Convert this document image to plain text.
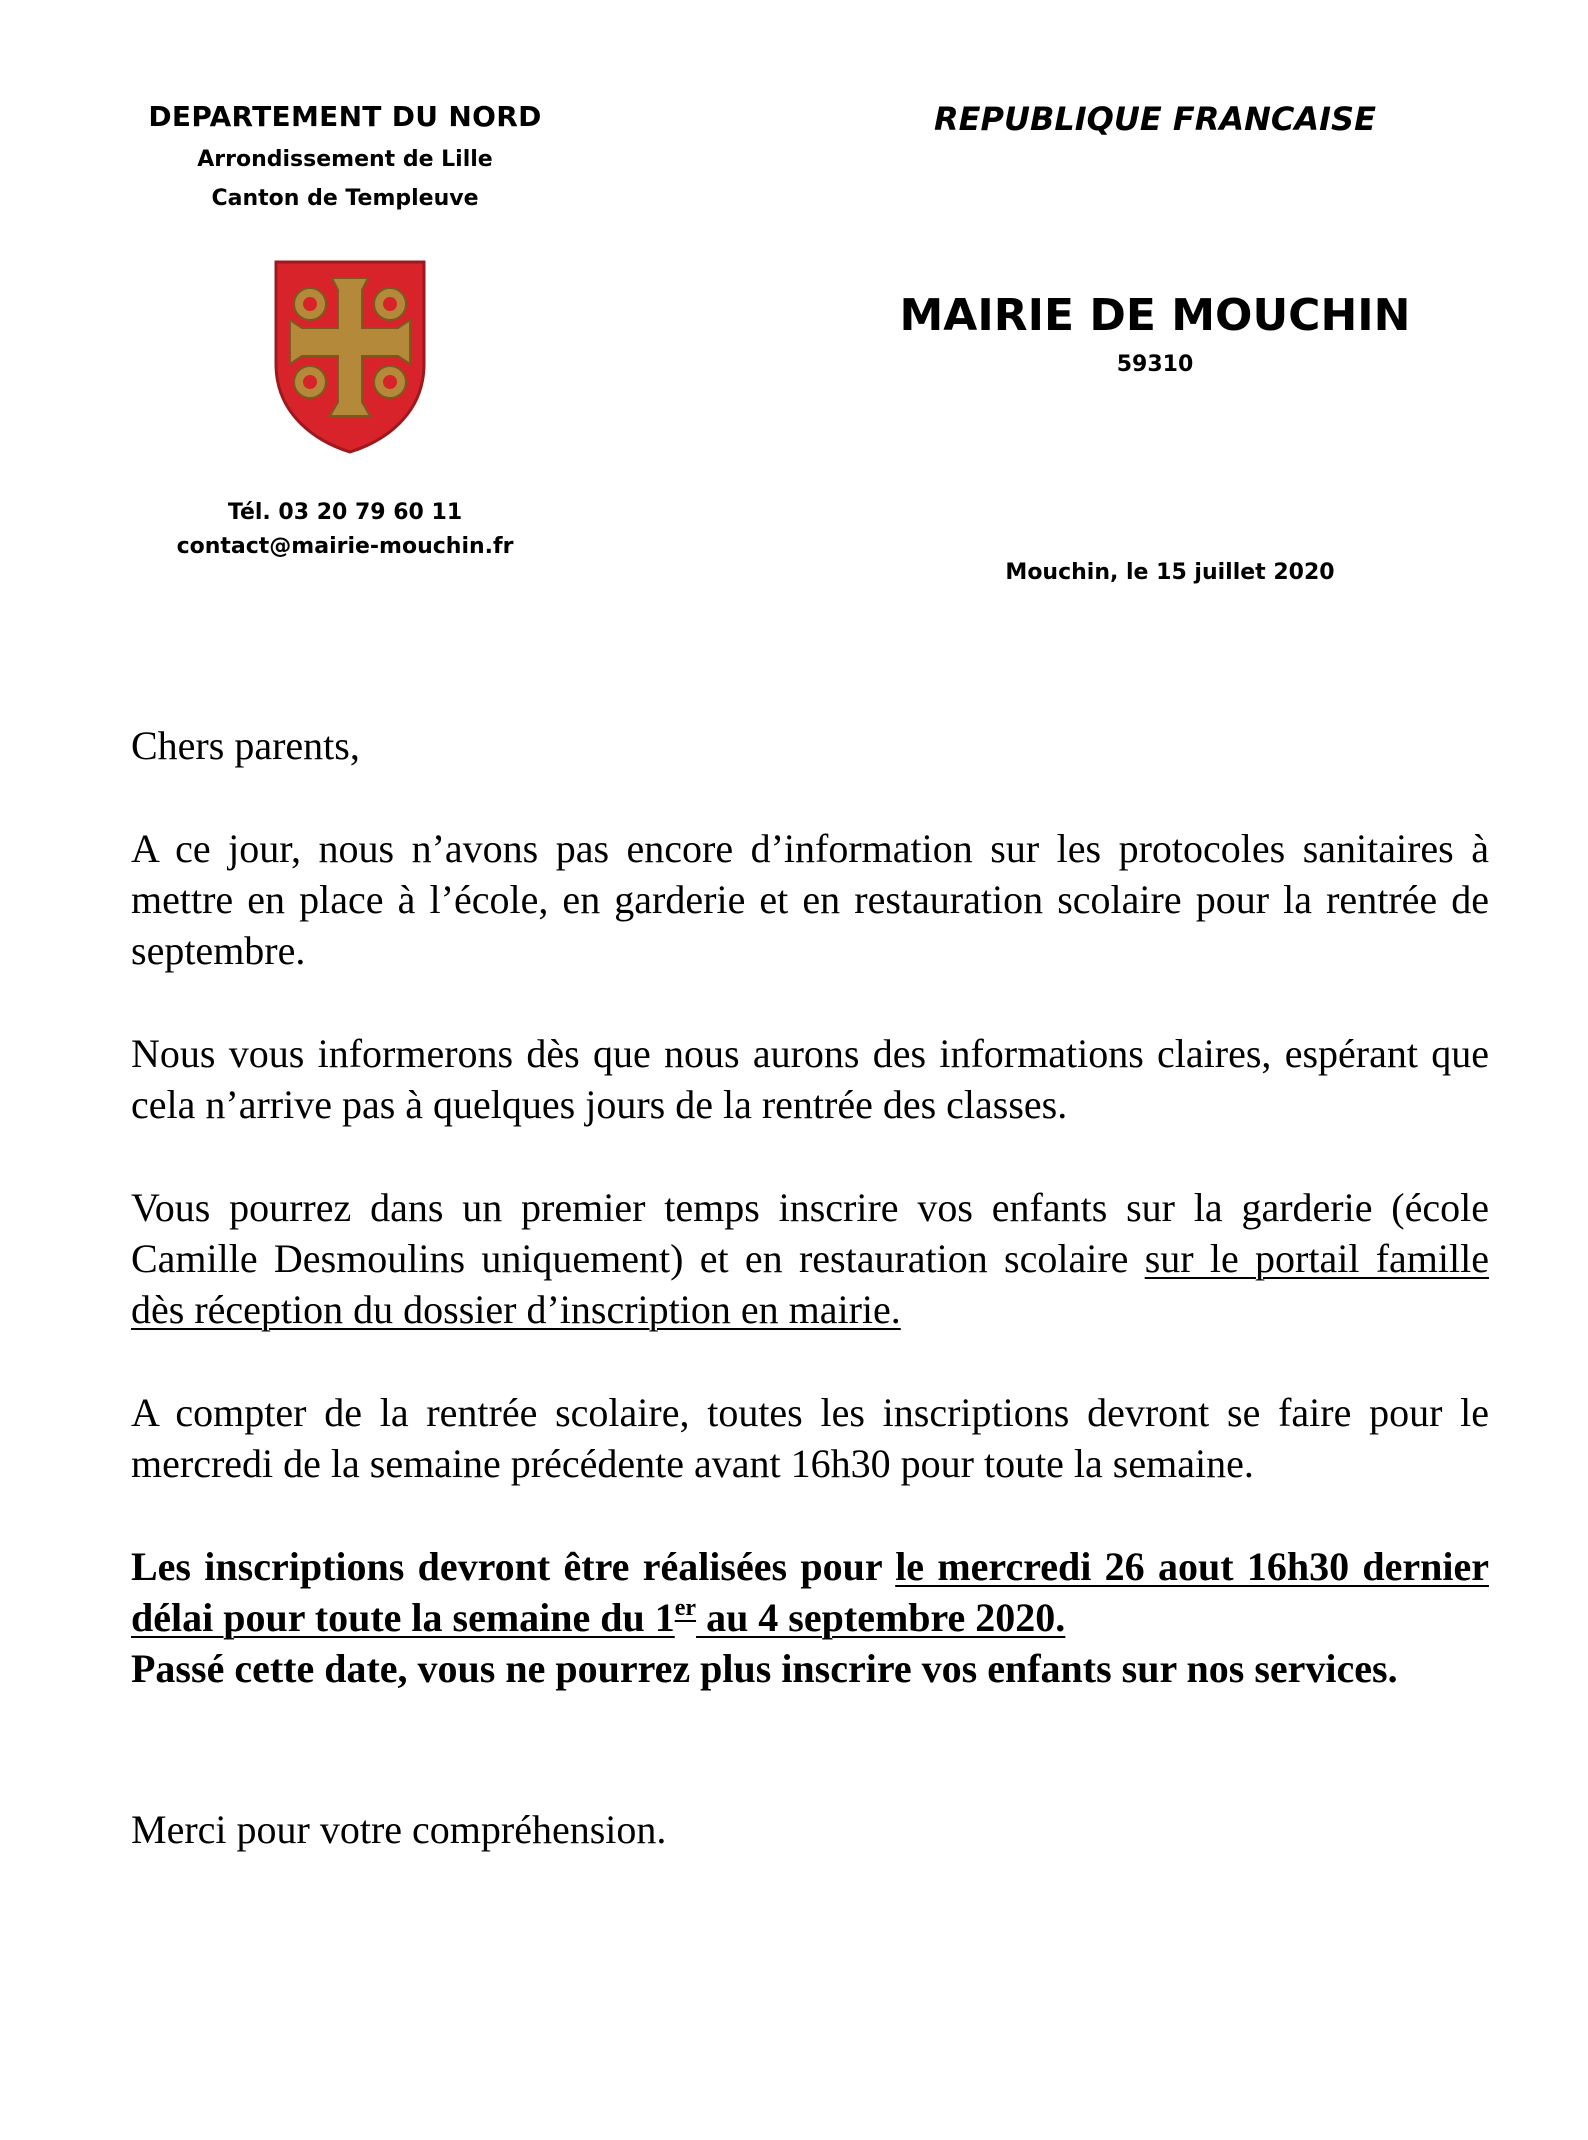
DEPARTEMENT DU NORD
Arrondissement de Lille
Canton de Templeuve
Tél. 03 20 79 60 11
contact@mairie-mouchin.fr
REPUBLIQUE FRANCAISE
MAIRIE DE MOUCHIN
59310
Mouchin, le 15 juillet 2020

Chers parents,

A ce jour, nous n’avons pas encore d’information sur les protocoles sanitaires à mettre en place à l’école, en garderie et en restauration scolaire pour la rentrée de septembre.

Nous vous informerons dès que nous aurons des informations claires, espérant que cela n’arrive pas à quelques jours de la rentrée des classes.

Vous pourrez dans un premier temps inscrire vos enfants sur la garderie (école Camille Desmoulins uniquement) et en restauration scolaire sur le portail famille dès réception du dossier d’inscription en mairie.

A compter de la rentrée scolaire, toutes les inscriptions devront se faire pour le mercredi de la semaine précédente avant 16h30 pour toute la semaine.

Les inscriptions devront être réalisées pour le mercredi 26 aout 16h30 dernier délai pour toute la semaine du 1er au 4 septembre 2020.

Passé cette date, vous ne pourrez plus inscrire vos enfants sur nos services.

Merci pour votre compréhension.
